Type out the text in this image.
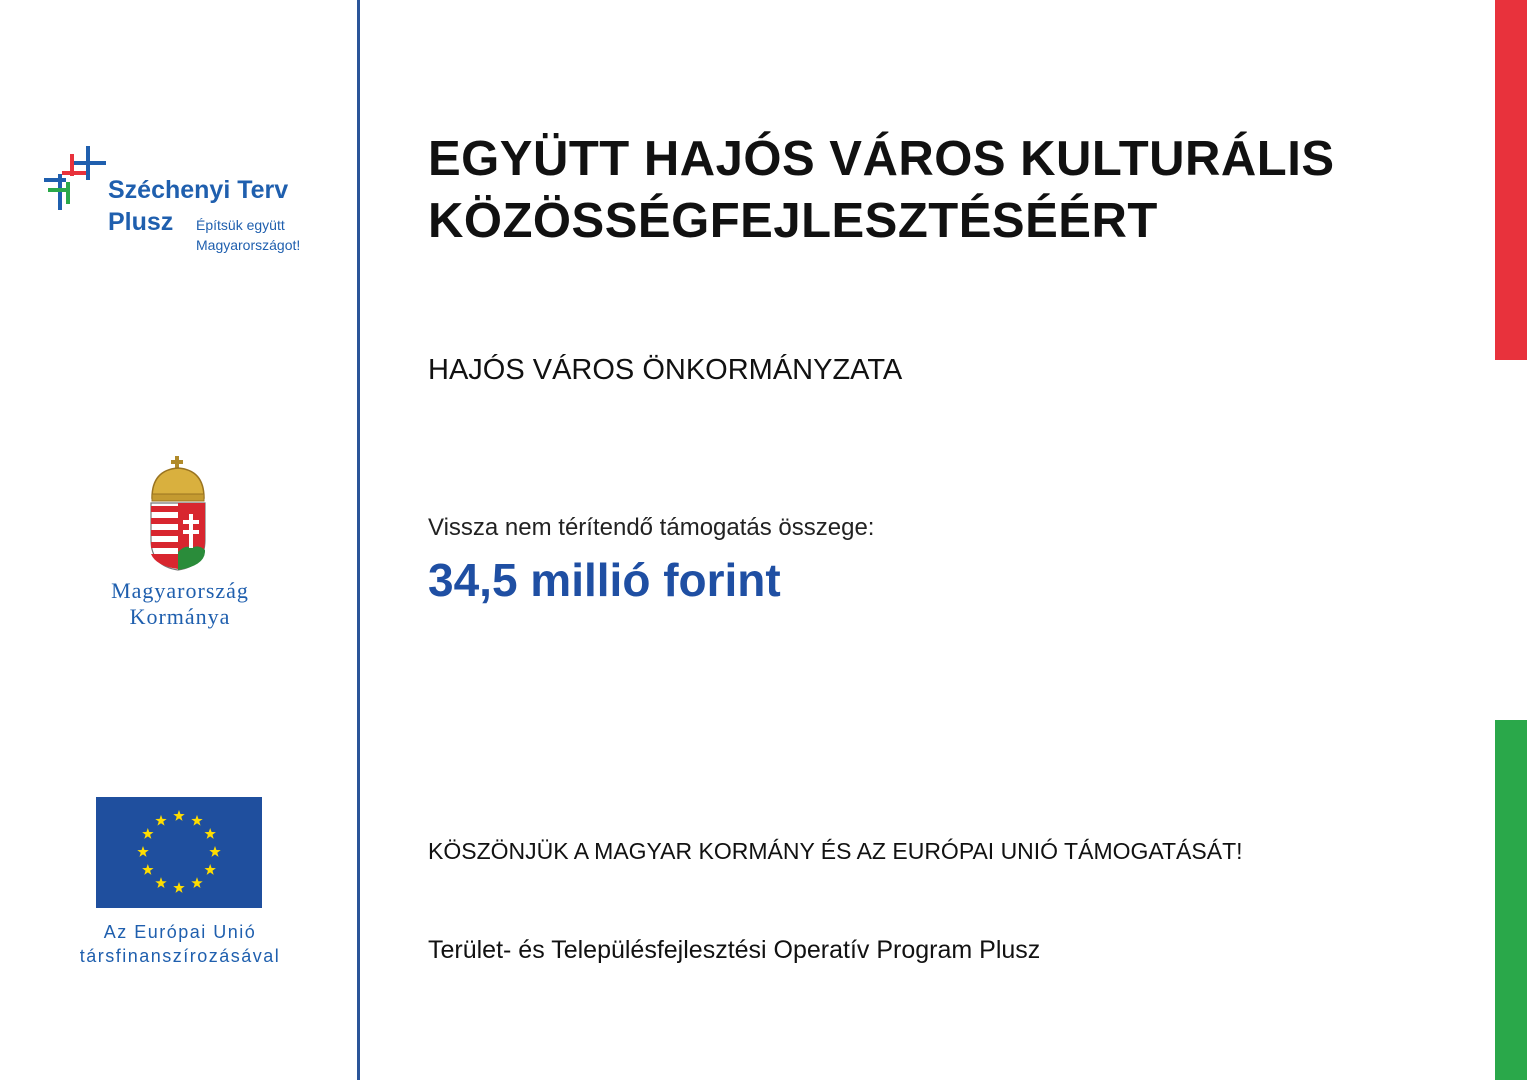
Széchenyi Terv
Plusz Építsük együtt
Magyarországot!
Magyarország
Kormánya
Az Európai Unió
társfinanszírozásával
EGYÜTT HAJÓS VÁROS KULTURÁLIS
KÖZÖSSÉGFEJLESZTÉSÉÉRT
HAJÓS VÁROS ÖNKORMÁNYZATA
Vissza nem térítendő támogatás összege:
34,5 millió forint
KÖSZÖNJÜK A MAGYAR KORMÁNY ÉS AZ EURÓPAI UNIÓ TÁMOGATÁSÁT!
Terület- és Településfejlesztési Operatív Program Plusz
